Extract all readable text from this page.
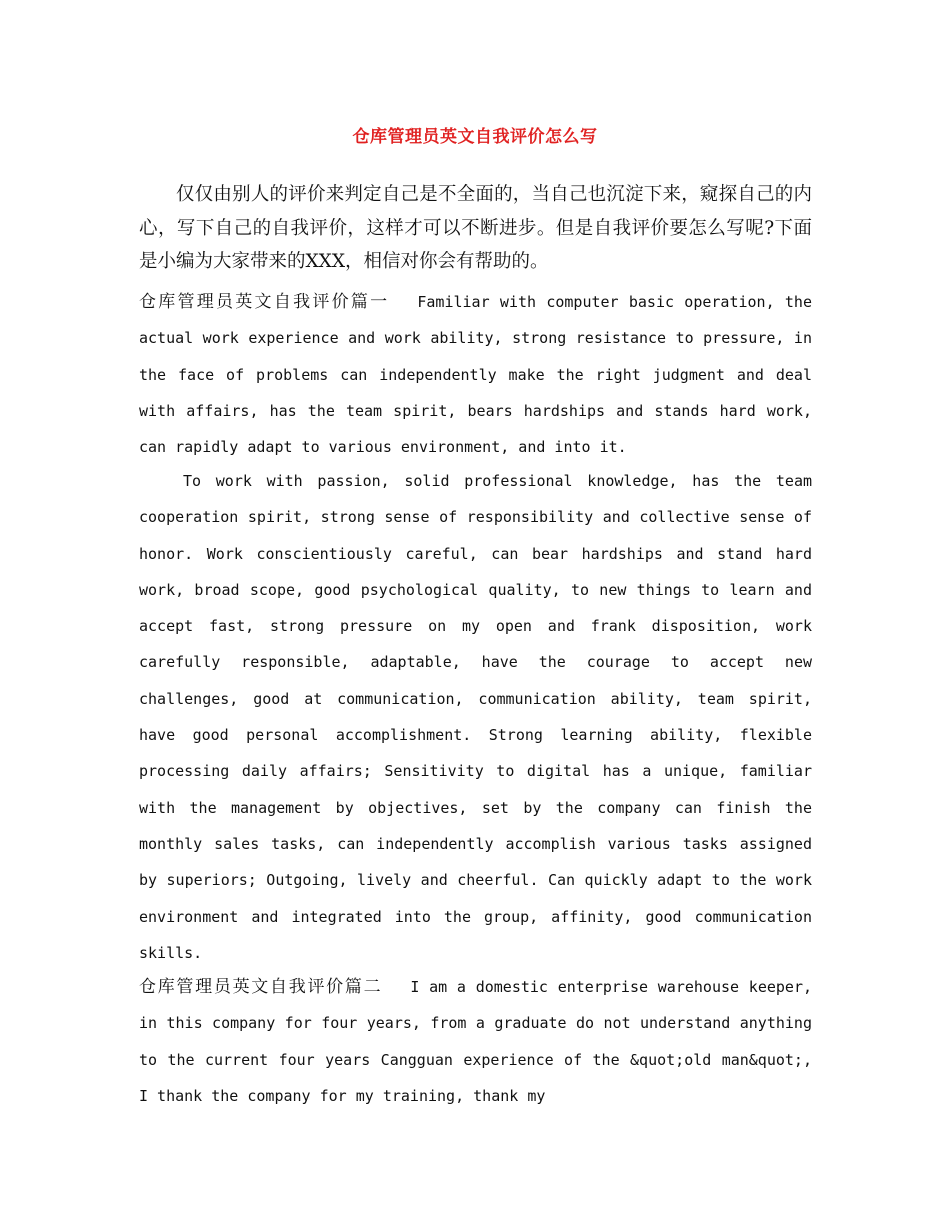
仓库管理员英文自我评价怎么写

仅仅由别人的评价来判定自己是不全面的，当自己也沉淀下来，窥探自己的内心，写下自己的自我评价，这样才可以不断进步。但是自我评价要怎么写呢?下面是小编为大家带来的XXX，相信对你会有帮助的。

仓库管理员英文自我评价篇一 Familiar with computer basic operation, the actual work experience and work ability, strong resistance to pressure, in the face of problems can independently make the right judgment and deal with affairs, has the team spirit, bears hardships and stands hard work, can rapidly adapt to various environment, and into it.

To work with passion, solid professional knowledge, has the team cooperation spirit, strong sense of responsibility and collective sense of honor. Work conscientiously careful, can bear hardships and stand hard work, broad scope, good psychological quality, to new things to learn and accept fast, strong pressure on my open and frank disposition, work carefully responsible, adaptable, have the courage to accept new challenges, good at communication, communication ability, team spirit, have good personal accomplishment. Strong learning ability, flexible processing daily affairs; Sensitivity to digital has a unique, familiar with the management by objectives, set by the company can finish the monthly sales tasks, can independently accomplish various tasks assigned by superiors; Outgoing, lively and cheerful. Can quickly adapt to the work environment and integrated into the group, affinity, good communication skills.

仓库管理员英文自我评价篇二 I am a domestic enterprise warehouse keeper, in this company for four years, from a graduate do not understand anything to the current four years Cangguan experience of the &quot;old man&quot;, I thank the company for my training, thank my
